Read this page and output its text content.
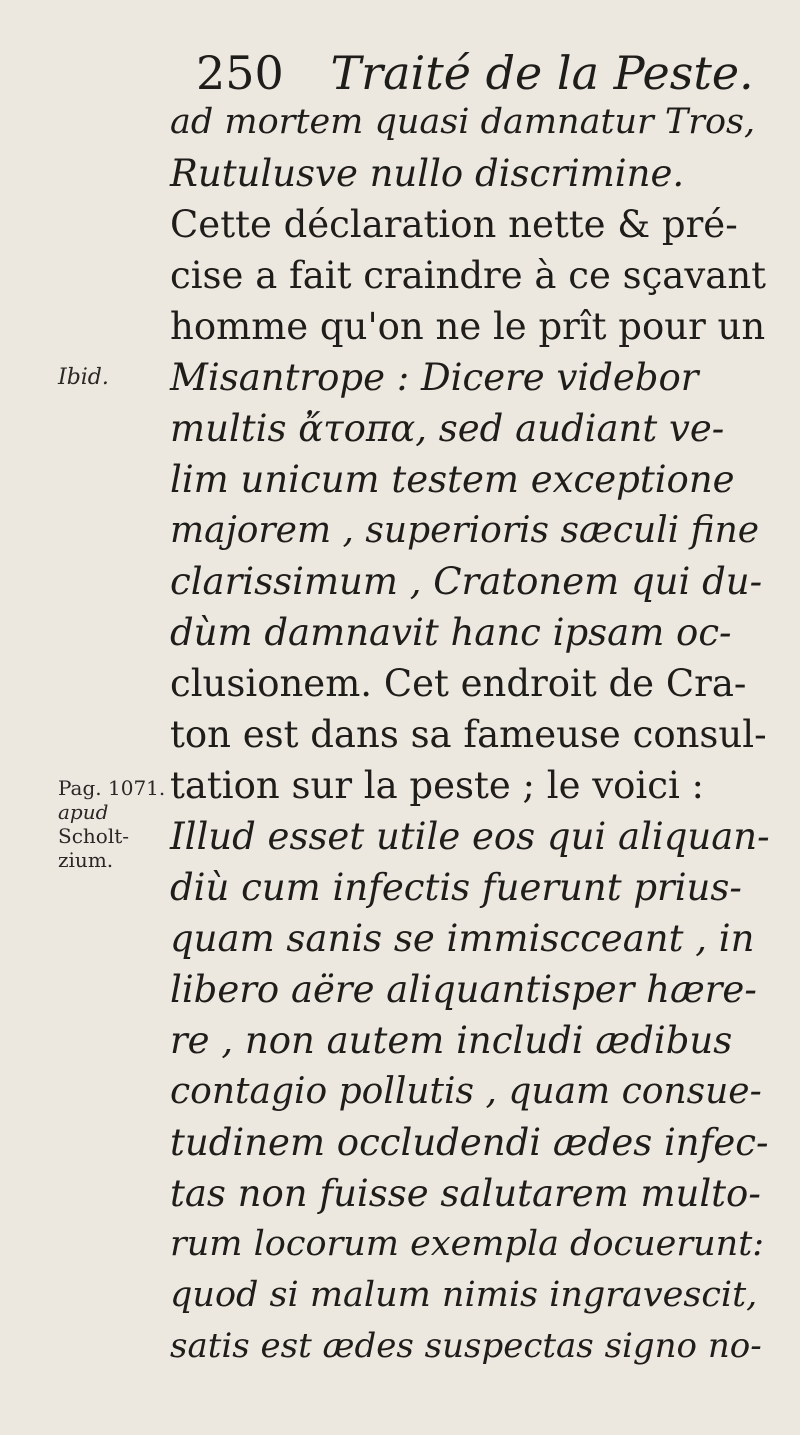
250 Traité de la Peste.
Ibid.
Pag. 1071.
apud
Scholt-
zium.
ad mortem quasi damnatur Tros,
Rutulusve nullo discrimine.
Cette déclaration nette & pré-
cise a fait craindre à ce sçavant
homme qu'on ne le prît pour un
Misantrope : Dicere videbor
multis ἄτοπα, sed audiant ve-
lim unicum testem exceptione
majorem , superioris sæculi fine
clarissimum , Cratonem qui du-
dùm damnavit hanc ipsam oc-
clusionem. Cet endroit de Cra-
ton est dans sa fameuse consul-
tation sur la peste ; le voici :
Illud esset utile eos qui aliquan-
diù cum infectis fuerunt prius-
quam sanis se immiscceant , in
libero aëre aliquantisper hære-
re , non autem includi ædibus
contagio pollutis , quam consue-
tudinem occludendi ædes infec-
tas non fuisse salutarem multo-
rum locorum exempla docuerunt:
quod si malum nimis ingravescit,
satis est ædes suspectas signo no-
